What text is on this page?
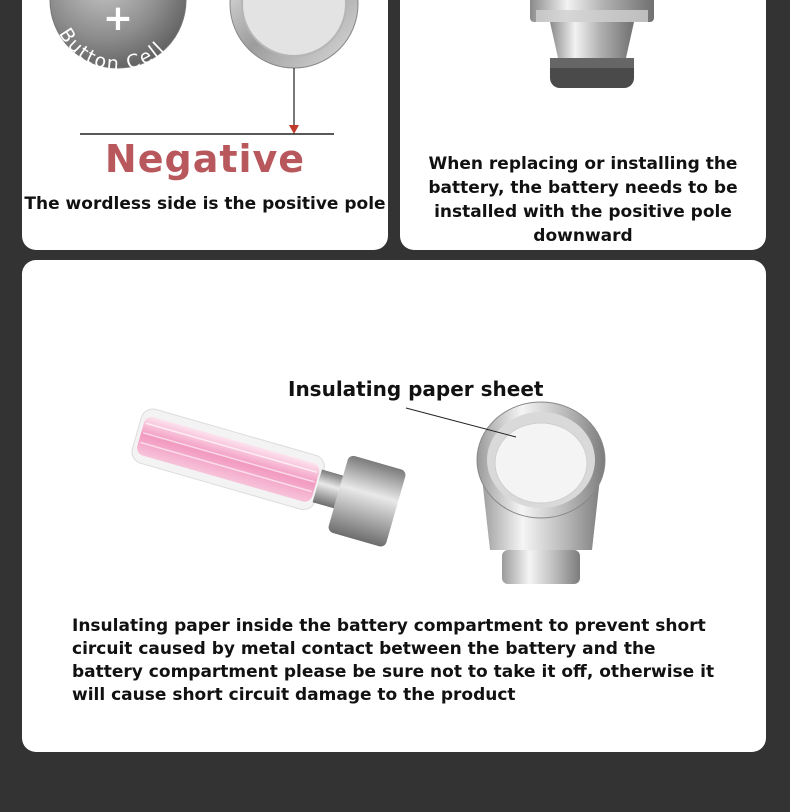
+
Button Cell
Negative
The wordless side is the positive pole
When replacing or installing the battery, the battery needs to be installed with the positive pole downward
Insulating paper sheet
Insulating paper inside the battery compartment to prevent short circuit caused by metal contact between the battery and the battery compartment please be sure not to take it off, otherwise it will cause short circuit damage to the product
